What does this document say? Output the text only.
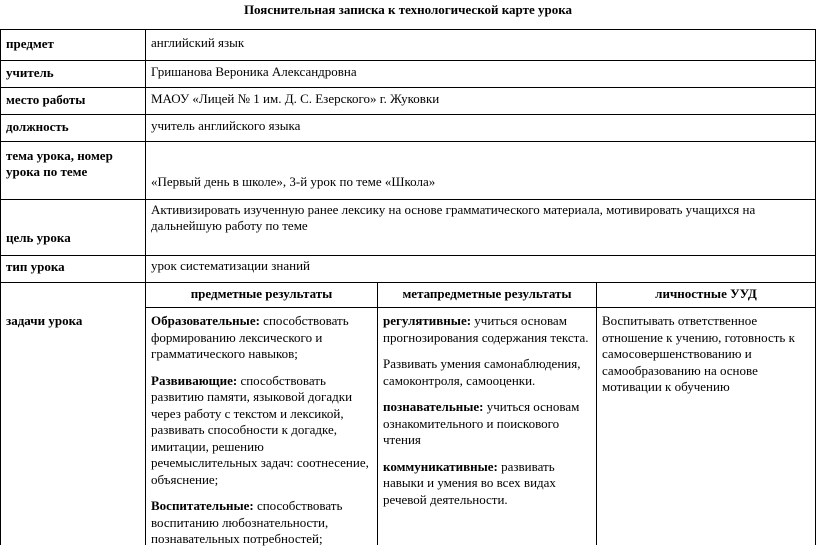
Пояснительная записка к технологической карте урока
предмет
учитель
место работы
должность
тема урока, номер
урока по теме
цель урока
тип урока
задачи урока
английский язык
Гришанова Вероника Александровна
МАОУ «Лицей № 1 им. Д. С. Езерского» г. Жуковки
учитель английского языка
«Первый день в школе», 3-й урок по теме «Школа»
Активизировать изученную ранее лексику на основе грамматического материала, мотивировать учащихся на
дальнейшую работу по теме
урок систематизации знаний
предметные результаты	метапредметные результаты	личностные УУД

Образовательные: способствовать формированию лексического и грамматического навыков;

Развивающие: способствовать развитию памяти, языковой догадки через работу с текстом и лексикой, развивать способности к догадке, имитации, решению речемыслительных задач: соотнесение, объяснение;

Воспитательные: способствовать воспитанию любознательности, познавательных потребностей;

регулятивные: учиться основам прогнозирования содержания текста.

Развивать умения самонаблюдения, самоконтроля, самооценки.

познавательные: учиться основам ознакомительного и поискового чтения

коммуникативные: развивать навыки и умения во всех видах речевой деятельности.

Воспитывать ответственное отношение к учению, готовность к самосовершенствованию и самообразованию на основе мотивации к обучению
